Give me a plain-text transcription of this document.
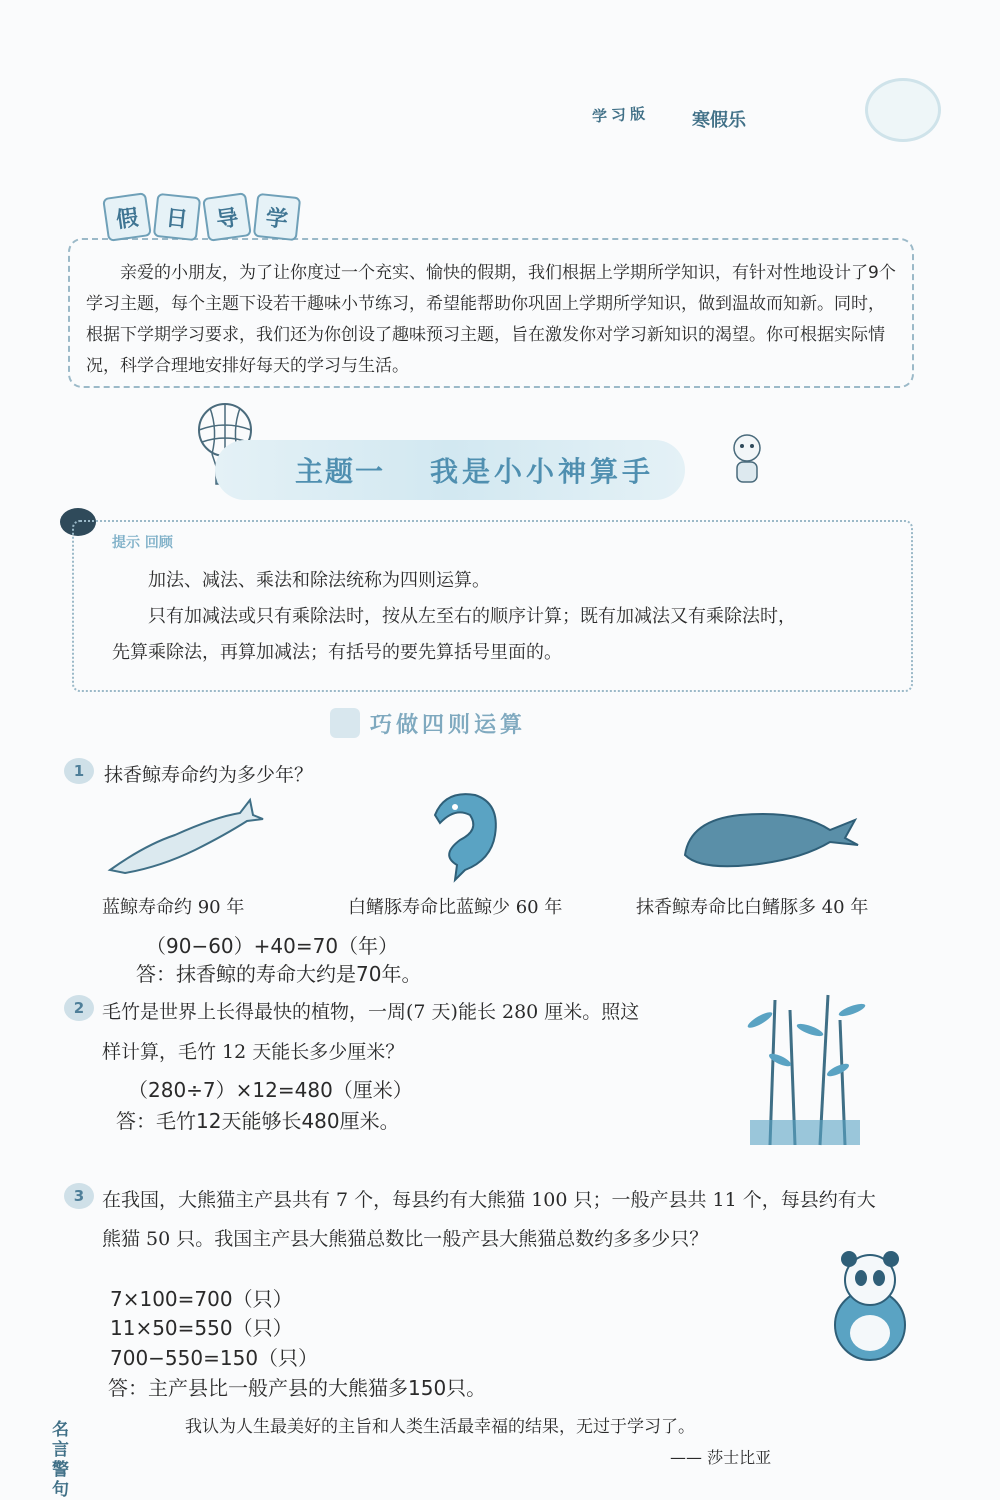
学习版 寒假乐
假	日	导	学
亲爱的小朋友，为了让你度过一个充实、愉快的假期，我们根据上学期所学知识，有针对性地设计了9个学习主题，每个主题下设若干趣味小节练习，希望能帮助你巩固上学期所学知识，做到温故而知新。同时，根据下学期学习要求，我们还为你创设了趣味预习主题，旨在激发你对学习新知识的渴望。你可根据实际情况，科学合理地安排好每天的学习与生活。
主题一 我是小小神算手
提示 回顾

加法、减法、乘法和除法统称为四则运算。

只有加减法或只有乘除法时，按从左至右的顺序计算；既有加减法又有乘除法时，

先算乘除法，再算加减法；有括号的要先算括号里面的。

巧做四则运算
1	抹香鲸寿命约为多少年？
蓝鲸寿命约 90 年	白鳍豚寿命比蓝鲸少 60 年	抹香鲸寿命比白鳍豚多 40 年
（90−60）+40=70（年）
答：抹香鲸的寿命大约是70年。
2 毛竹是世界上长得最快的植物，一周(7 天)能长 280 厘米。照这
样计算，毛竹 12 天能长多少厘米？
（280÷7）×12=480（厘米）
答：毛竹12天能够长480厘米。
3 在我国，大熊猫主产县共有 7 个，每县约有大熊猫 100 只；一般产县共 11 个，每县约有大
熊猫 50 只。我国主产县大熊猫总数比一般产县大熊猫总数约多多少只？
7×100=700（只）
11×50=550（只）
700−550=150（只）
答：主产县比一般产县的大熊猫多150只。
名言警句
我认为人生最美好的主旨和人类生活最幸福的结果，无过于学习了。
—— 莎士比亚
